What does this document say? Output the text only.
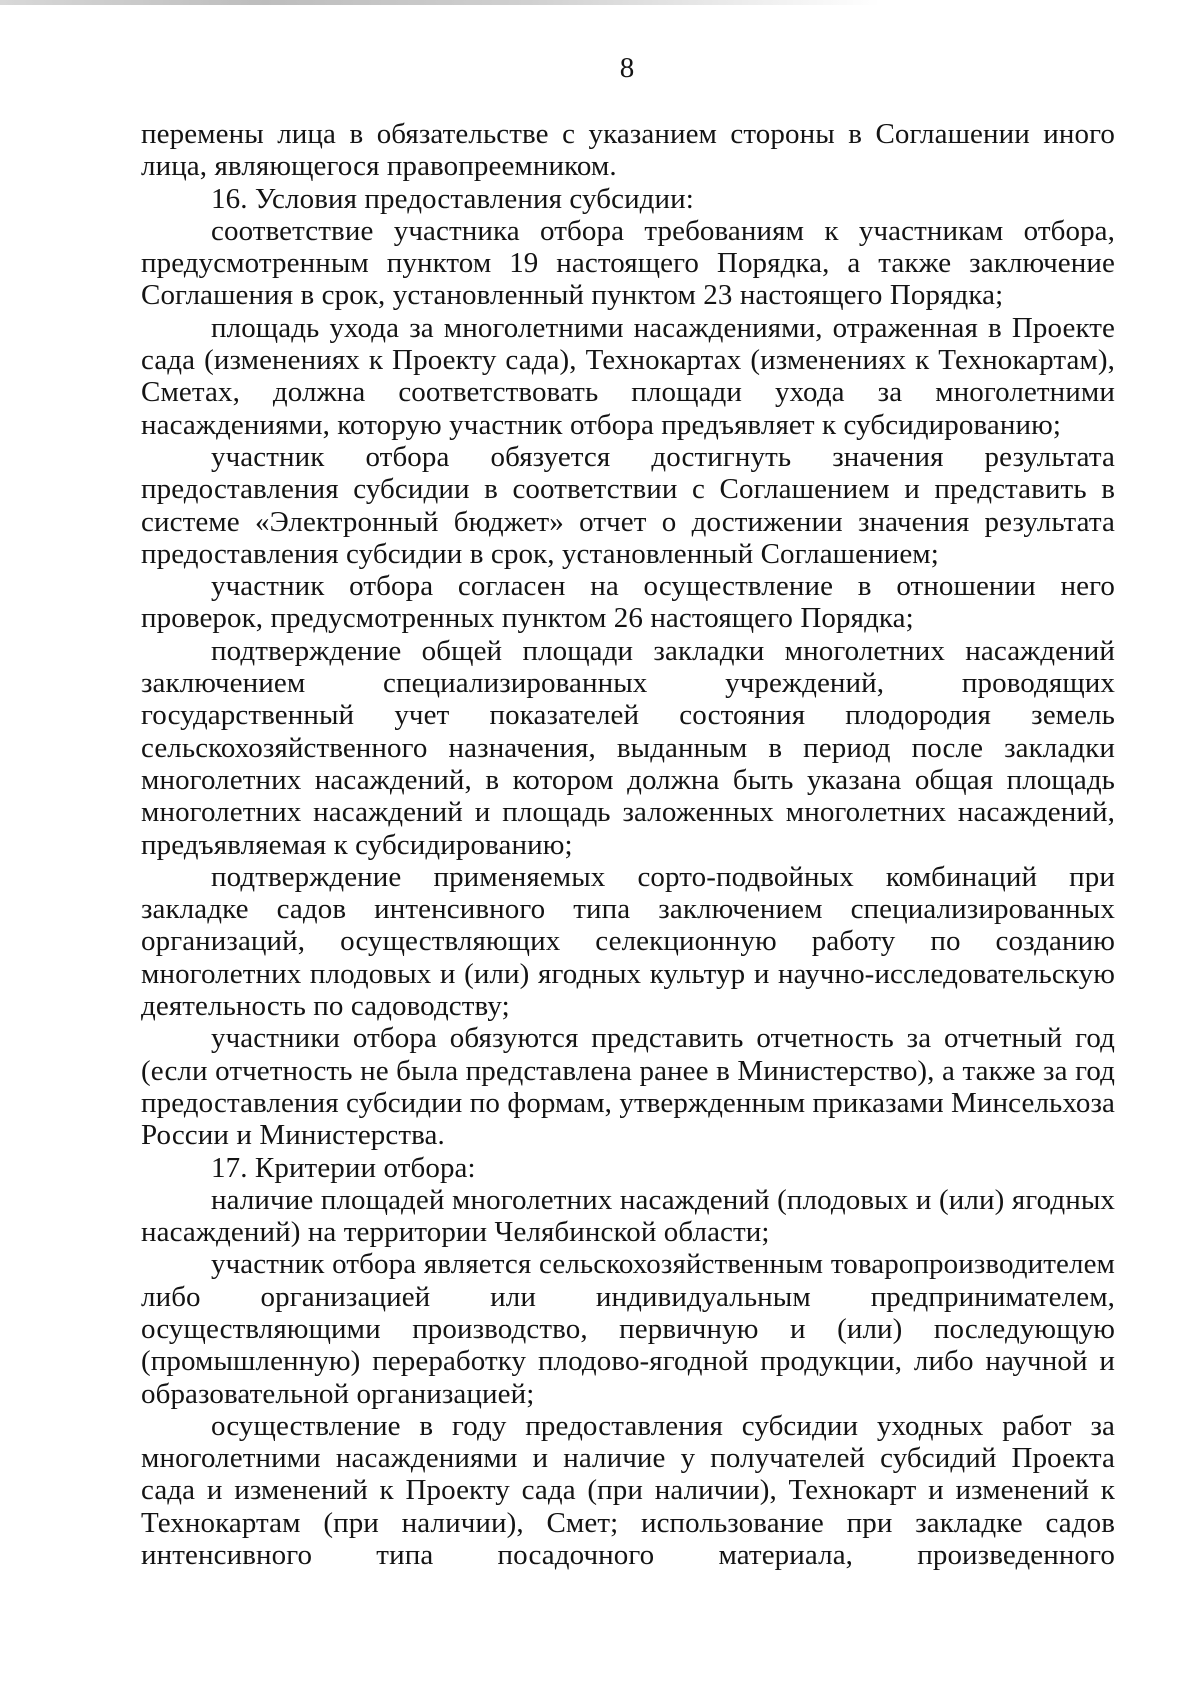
8

перемены лица в обязательстве с указанием стороны в Соглашении иного лица, являющегося правопреемником.

16. Условия предоставления субсидии:

соответствие участника отбора требованиям к участникам отбора, предусмотренным пунктом 19 настоящего Порядка, а также заключение Соглашения в срок, установленный пунктом 23 настоящего Порядка;

площадь ухода за многолетними насаждениями, отраженная в Проекте сада (изменениях к Проекту сада), Технокартах (изменениях к Технокартам), Сметах, должна соответствовать площади ухода за многолетними насаждениями, которую участник отбора предъявляет к субсидированию;

участник отбора обязуется достигнуть значения результата предоставления субсидии в соответствии с Соглашением и представить в системе «Электронный бюджет» отчет о достижении значения результата предоставления субсидии в срок, установленный Соглашением;

участник отбора согласен на осуществление в отношении него проверок, предусмотренных пунктом 26 настоящего Порядка;

подтверждение общей площади закладки многолетних насаждений заключением специализированных учреждений, проводящих государственный учет показателей состояния плодородия земель сельскохозяйственного назначения, выданным в период после закладки многолетних насаждений, в котором должна быть указана общая площадь многолетних насаждений и площадь заложенных многолетних насаждений, предъявляемая к субсидированию;

подтверждение применяемых сорто-подвойных комбинаций при закладке садов интенсивного типа заключением специализированных организаций, осуществляющих селекционную работу по созданию многолетних плодовых и (или) ягодных культур и научно-исследовательскую деятельность по садоводству;

участники отбора обязуются представить отчетность за отчетный год (если отчетность не была представлена ранее в Министерство), а также за год предоставления субсидии по формам, утвержденным приказами Минсельхоза России и Министерства.

17. Критерии отбора:

наличие площадей многолетних насаждений (плодовых и (или) ягодных насаждений) на территории Челябинской области;

участник отбора является сельскохозяйственным товаропроизводителем либо организацией или индивидуальным предпринимателем, осуществляющими производство, первичную и (или) последующую (промышленную) переработку плодово-ягодной продукции, либо научной и образовательной организацией;

осуществление в году предоставления субсидии уходных работ за многолетними насаждениями и наличие у получателей субсидий Проекта сада и изменений к Проекту сада (при наличии), Технокарт и изменений к Технокартам (при наличии), Смет; использование при закладке садов интенсивного типа посадочного материала, произведенного
